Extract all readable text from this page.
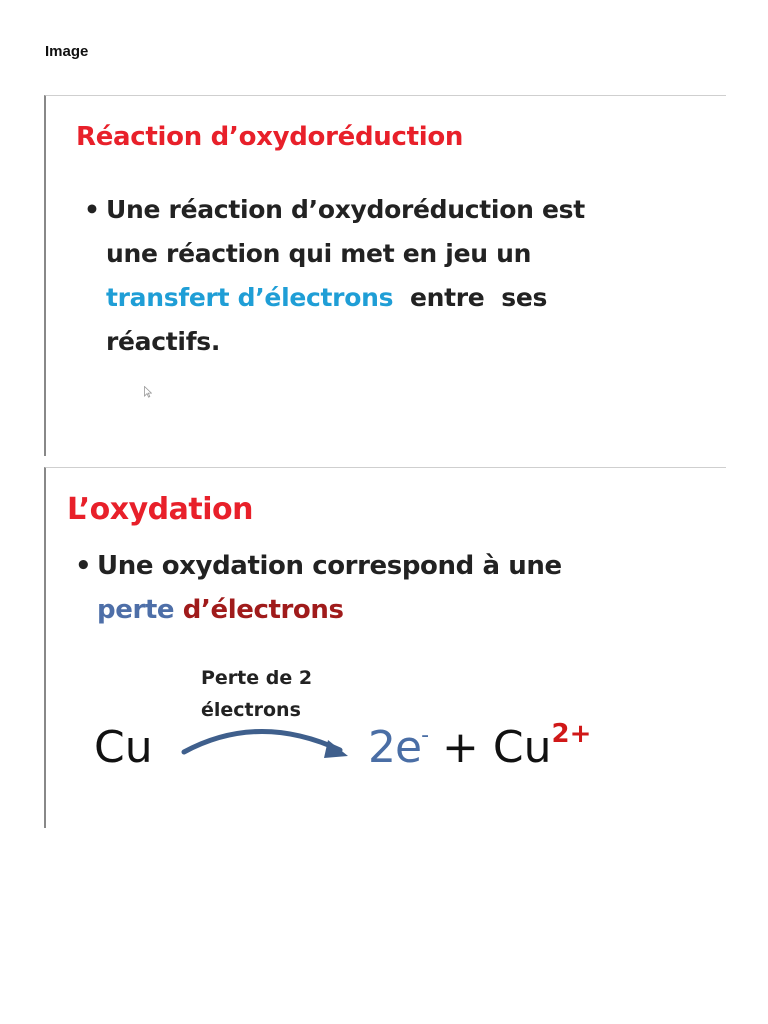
Image
Réaction d’oxydoréduction
• Une réaction d’oxydoréduction est
une réaction qui met en jeu un
transfert d’électrons  entre  ses
réactifs.
L’oxydation
• Une oxydation correspond à une
perte d’électrons
Perte de 2
électrons
Cu	$2e^- + Cu^{2+}$
